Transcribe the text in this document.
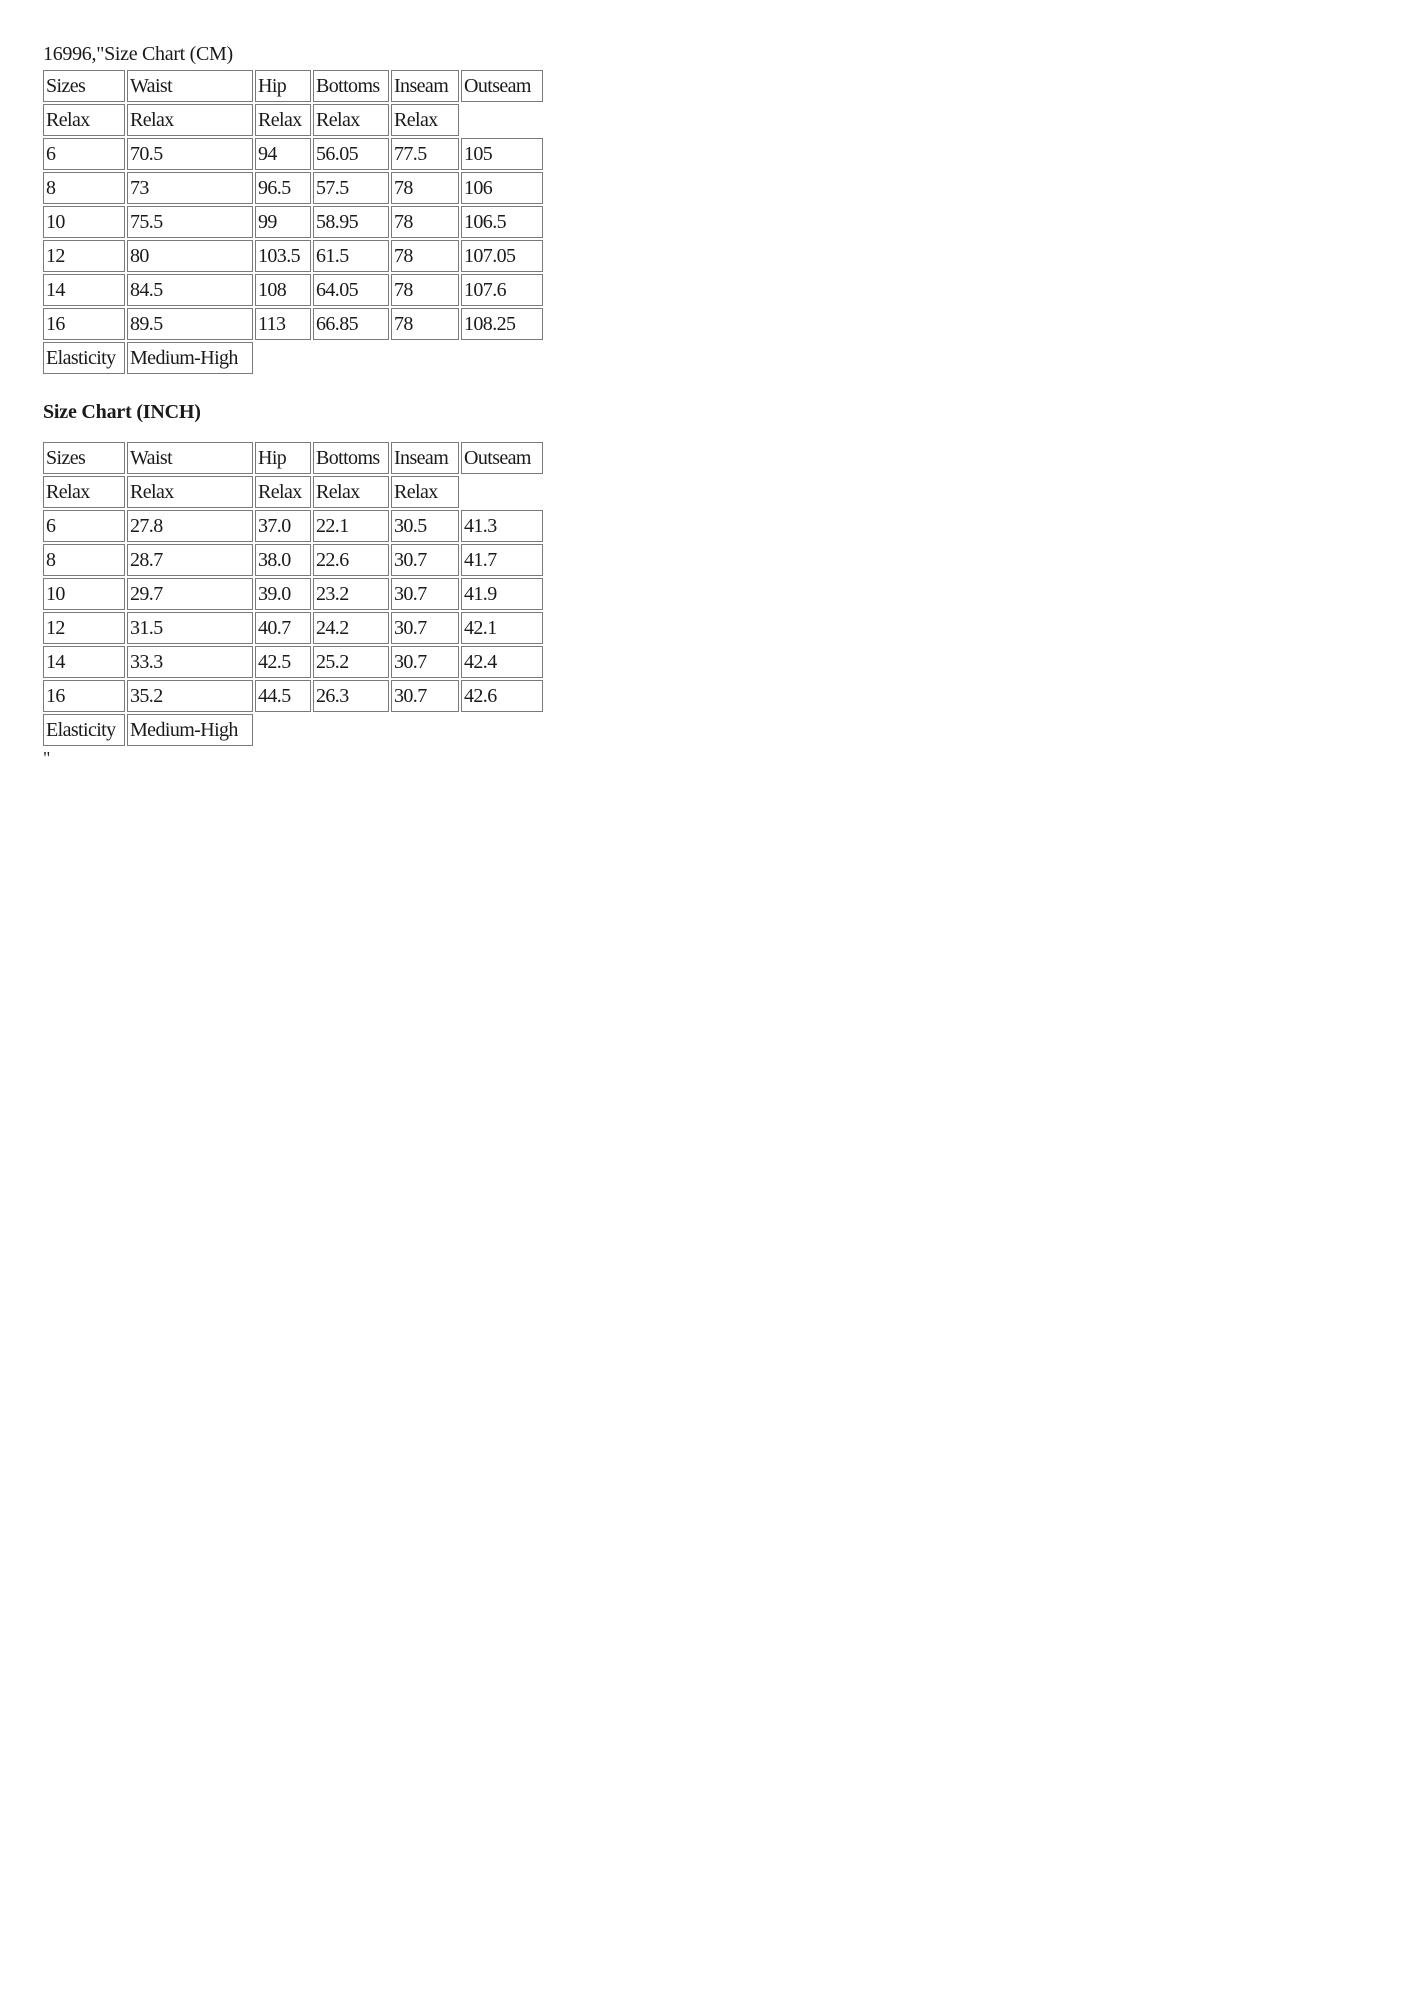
16996,"Size Chart (CM)
Sizes	Waist	Hip	Bottoms	Inseam	Outseam
Relax	Relax	Relax	Relax	Relax	
6	70.5	94	56.05	77.5	105
8	73	96.5	57.5	78	106
10	75.5	99	58.95	78	106.5
12	80	103.5	61.5	78	107.05
14	84.5	108	64.05	78	107.6
16	89.5	113	66.85	78	108.25
Elasticity	Medium-High				
Size Chart (INCH)
Sizes	Waist	Hip	Bottoms	Inseam	Outseam
Relax	Relax	Relax	Relax	Relax	
6	27.8	37.0	22.1	30.5	41.3
8	28.7	38.0	22.6	30.7	41.7
10	29.7	39.0	23.2	30.7	41.9
12	31.5	40.7	24.2	30.7	42.1
14	33.3	42.5	25.2	30.7	42.4
16	35.2	44.5	26.3	30.7	42.6
Elasticity	Medium-High				
"
